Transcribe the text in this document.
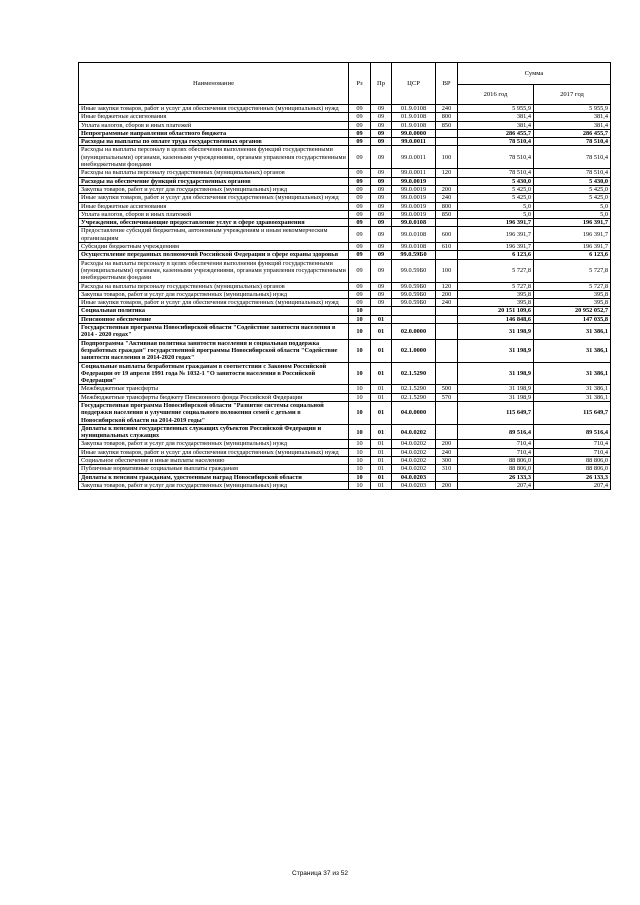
Наименование	Рз	Пр	ЦСР	ВР	Сумма	
					2016 год	2017 год
Иные закупки товаров, работ и услуг для обеспечения государственных (муниципальных) нужд	09	09	01.9.0108	240	5 955,9	5 955,9
Иные бюджетные ассигнования	09	09	01.9.0108	800	381,4	381,4
Уплата налогов, сборов и иных платежей	09	09	01.9.0108	850	381,4	381,4
Непрограммные направления областного бюджета	09	09	99.0.0000		286 455,7	286 455,7
Расходы на выплаты по оплате труда государственных органов	09	09	99.0.0011		78 510,4	78 510,4
Расходы на выплаты персоналу в целях обеспечения выполнения функций государственными (муниципальными) органами, казенными учреждениями, органами управления государственными внебюджетными фондами	09	09	99.0.0011	100	78 510,4	78 510,4
Расходы на выплаты персоналу государственных (муниципальных) органов	09	09	99.0.0011	120	78 510,4	78 510,4
Расходы на обеспечение функций государственных органов	09	09	99.0.0019		5 430,0	5 430,0
Закупка товаров, работ и услуг для государственных (муниципальных) нужд	09	09	99.0.0019	200	5 425,0	5 425,0
Иные закупки товаров, работ и услуг для обеспечения государственных (муниципальных) нужд	09	09	99.0.0019	240	5 425,0	5 425,0
Иные бюджетные ассигнования	09	09	99.0.0019	800	5,0	5,0
Уплата налогов, сборов и иных платежей	09	09	99.0.0019	850	5,0	5,0
Учреждения, обеспечивающие предоставление услуг в сфере здравоохранения	09	09	99.0.0108		196 391,7	196 391,7
Предоставление субсидий бюджетным, автономным учреждениям и иным некоммерческим организациям	09	09	99.0.0108	600	196 391,7	196 391,7
Субсидии бюджетным учреждениям	09	09	99.0.0108	610	196 391,7	196 391,7
Осуществление переданных полномочий Российской Федерации в сфере охраны здоровья	09	09	99.0.59Б0		6 123,6	6 123,6
Расходы на выплаты персоналу в целях обеспечения выполнения функций государственными (муниципальными) органами, казенными учреждениями, органами управления государственными внебюджетными фондами	09	09	99.0.59Б0	100	5 727,8	5 727,8
Расходы на выплаты персоналу государственных (муниципальных) органов	09	09	99.0.59Б0	120	5 727,8	5 727,8
Закупка товаров, работ и услуг для государственных (муниципальных) нужд	09	09	99.0.59Б0	200	395,8	395,8
Иные закупки товаров, работ и услуг для обеспечения государственных (муниципальных) нужд	09	09	99.0.59Б0	240	395,8	395,8
Социальная политика	10				20 151 109,6	20 952 052,7
Пенсионное обеспечение	10	01			146 848,6	147 035,8
Государственная программа Новосибирской области "Содействие занятости населения в 2014 - 2020 годах"	10	01	02.0.0000		31 198,9	31 386,1
Подпрограмма "Активная политика занятости населения и социальная поддержка безработных граждан" государственной программы Новосибирской области "Содействие занятости населения в 2014-2020 годах"	10	01	02.1.0000		31 198,9	31 386,1
Социальные выплаты безработным гражданам в соответствии с Законом Российской Федерации от 19 апреля 1991 года № 1032-1 "О занятости населения в Российской Федерации"	10	01	02.1.5290		31 198,9	31 386,1
Межбюджетные трансферты	10	01	02.1.5290	500	31 198,9	31 386,1
Межбюджетные трансферты бюджету Пенсионного фонда Российской Федерации	10	01	02.1.5290	570	31 198,9	31 386,1
Государственная программа Новосибирской области "Развитие системы социальной поддержки населения и улучшение социального положения семей с детьми в Новосибирской области на 2014-2019 годы"	10	01	04.0.0000		115 649,7	115 649,7
Доплаты к пенсиям государственных служащих субъектов Российской Федерации и муниципальных служащих	10	01	04.0.0202		89 516,4	89 516,4
Закупка товаров, работ и услуг для государственных (муниципальных) нужд	10	01	04.0.0202	200	710,4	710,4
Иные закупки товаров, работ и услуг для обеспечения государственных (муниципальных) нужд	10	01	04.0.0202	240	710,4	710,4
Социальное обеспечение и иные выплаты населению	10	01	04.0.0202	300	88 806,0	88 806,0
Публичные нормативные социальные выплаты гражданам	10	01	04.0.0202	310	88 806,0	88 806,0
Доплаты к пенсиям гражданам, удостоенным наград Новосибирской области	10	01	04.0.0203		26 133,3	26 133,3
Закупка товаров, работ и услуг для государственных (муниципальных) нужд	10	01	04.0.0203	200	207,4	207,4
Страница 37 из 52
